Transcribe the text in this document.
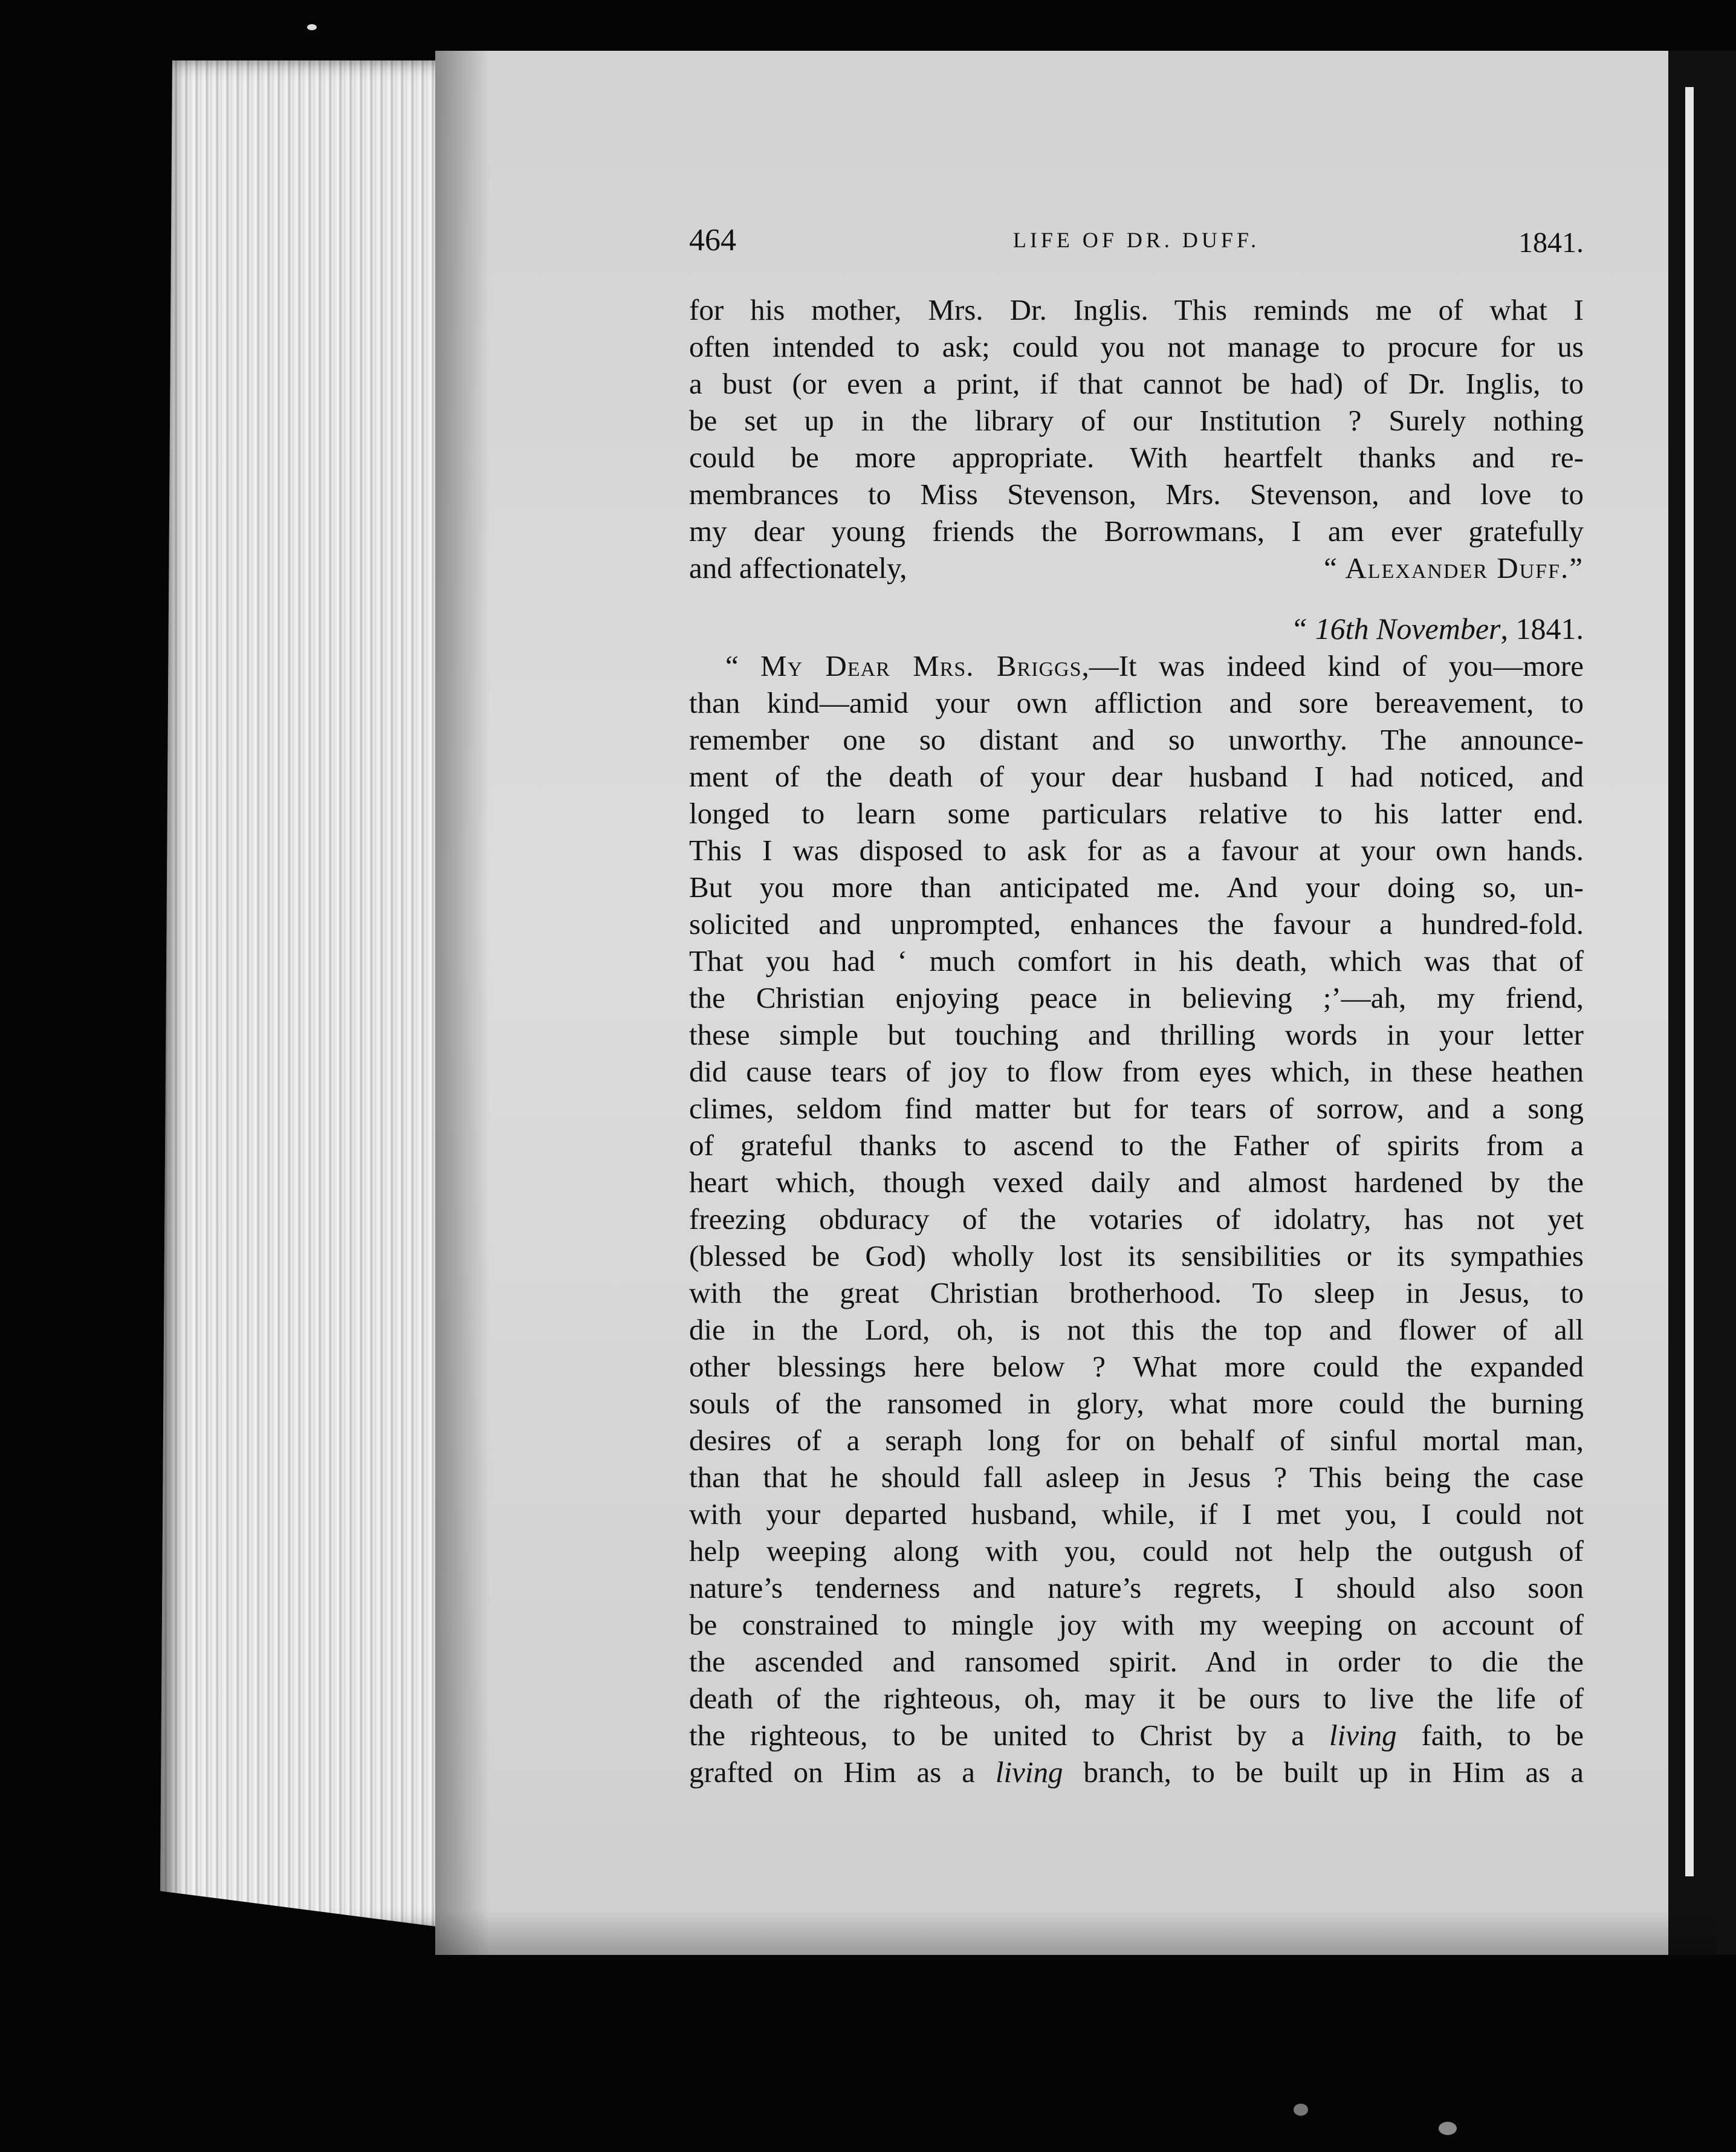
464	LIFE OF DR. DUFF.	1841.
for his mother, Mrs. Dr. Inglis. This reminds me of what I
often intended to ask; could you not manage to procure for us
a bust (or even a print, if that cannot be had) of Dr. Inglis, to
be set up in the library of our Institution ? Surely nothing
could be more appropriate. With heartfelt thanks and re-
membrances to Miss Stevenson, Mrs. Stevenson, and love to
my dear young friends the Borrowmans, I am ever gratefully
and affectionately,	“ Alexander Duff.”
“ 16th November, 1841.
“ My Dear Mrs. Briggs,—It was indeed kind of you—more
than kind—amid your own affliction and sore bereavement, to
remember one so distant and so unworthy. The announce-
ment of the death of your dear husband I had noticed, and
longed to learn some particulars relative to his latter end.
This I was disposed to ask for as a favour at your own hands.
But you more than anticipated me. And your doing so, un-
solicited and unprompted, enhances the favour a hundred-fold.
That you had ‘ much comfort in his death, which was that of
the Christian enjoying peace in believing ;’—ah, my friend,
these simple but touching and thrilling words in your letter
did cause tears of joy to flow from eyes which, in these heathen
climes, seldom find matter but for tears of sorrow, and a song
of grateful thanks to ascend to the Father of spirits from a
heart which, though vexed daily and almost hardened by the
freezing obduracy of the votaries of idolatry, has not yet
(blessed be God) wholly lost its sensibilities or its sympathies
with the great Christian brotherhood. To sleep in Jesus, to
die in the Lord, oh, is not this the top and flower of all
other blessings here below ? What more could the expanded
souls of the ransomed in glory, what more could the burning
desires of a seraph long for on behalf of sinful mortal man,
than that he should fall asleep in Jesus ? This being the case
with your departed husband, while, if I met you, I could not
help weeping along with you, could not help the outgush of
nature’s tenderness and nature’s regrets, I should also soon
be constrained to mingle joy with my weeping on account of
the ascended and ransomed spirit. And in order to die the
death of the righteous, oh, may it be ours to live the life of
the righteous, to be united to Christ by a living faith, to be
grafted on Him as a living branch, to be built up in Him as a
